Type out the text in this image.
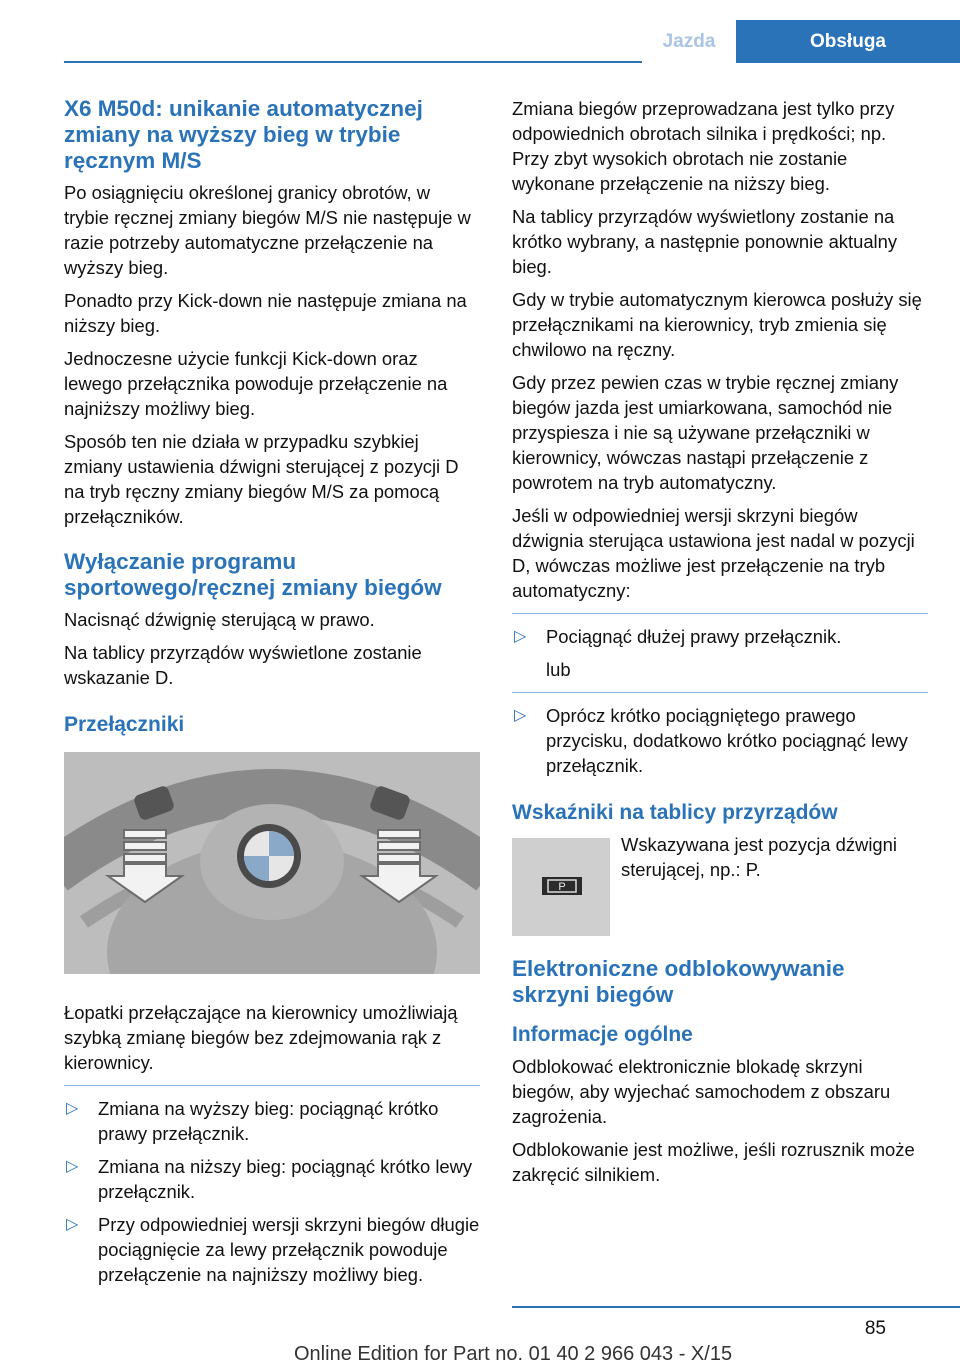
Jazda	Obsługa
X6 M50d: unikanie automatycznej zmiany na wyższy bieg w trybie ręcznym M/S

Po osiągnięciu określonej granicy obrotów, w trybie ręcznej zmiany biegów M/S nie następuje w razie potrzeby automatyczne przełączenie na wyższy bieg.

Ponadto przy Kick-down nie następuje zmiana na niższy bieg.

Jednoczesne użycie funkcji Kick-down oraz lewego przełącznika powoduje przełączenie na najniższy możliwy bieg.

Sposób ten nie działa w przypadku szybkiej zmiany ustawienia dźwigni sterującej z pozycji D na tryb ręczny zmiany biegów M/S za pomocą przełączników.

Wyłączanie programu sportowego/ręcznej zmiany biegów

Nacisnąć dźwignię sterującą w prawo.

Na tablicy przyrządów wyświetlone zostanie wskazanie D.

Przełączniki

Łopatki przełączające na kierownicy umożliwiają szybką zmianę biegów bez zdejmowania rąk z kierownicy.

▷ Zmiana na wyższy bieg: pociągnąć krótko prawy przełącznik.
▷ Zmiana na niższy bieg: pociągnąć krótko lewy przełącznik.
▷ Przy odpowiedniej wersji skrzyni biegów długie pociągnięcie za lewy przełącznik powoduje przełączenie na najniższy możliwy bieg.

Zmiana biegów przeprowadzana jest tylko przy odpowiednich obrotach silnika i prędkości; np. Przy zbyt wysokich obrotach nie zostanie wykonane przełączenie na niższy bieg.

Na tablicy przyrządów wyświetlony zostanie na krótko wybrany, a następnie ponownie aktualny bieg.

Gdy w trybie automatycznym kierowca posłuży się przełącznikami na kierownicy, tryb zmienia się chwilowo na ręczny.

Gdy przez pewien czas w trybie ręcznej zmiany biegów jazda jest umiarkowana, samochód nie przyspiesza i nie są używane przełączniki w kierownicy, wówczas nastąpi przełączenie z powrotem na tryb automatyczny.

Jeśli w odpowiedniej wersji skrzyni biegów dźwignia sterująca ustawiona jest nadal w pozycji D, wówczas możliwe jest przełączenie na tryb automatyczny:

▷ Pociągnąć dłużej prawy przełącznik.
lub
▷ Oprócz krótko pociągniętego prawego przycisku, dodatkowo krótko pociągnąć lewy przełącznik.
Wskaźniki na tablicy przyrządów
P

Wskazywana jest pozycja dźwigni sterującej, np.: P.

Elektroniczne odblokowywanie skrzyni biegów
Informacje ogólne

Odblokować elektronicznie blokadę skrzyni biegów, aby wyjechać samochodem z obszaru zagrożenia.

Odblokowanie jest możliwe, jeśli rozrusznik może zakręcić silnikiem.

85
Online Edition for Part no. 01 40 2 966 043 - X/15
